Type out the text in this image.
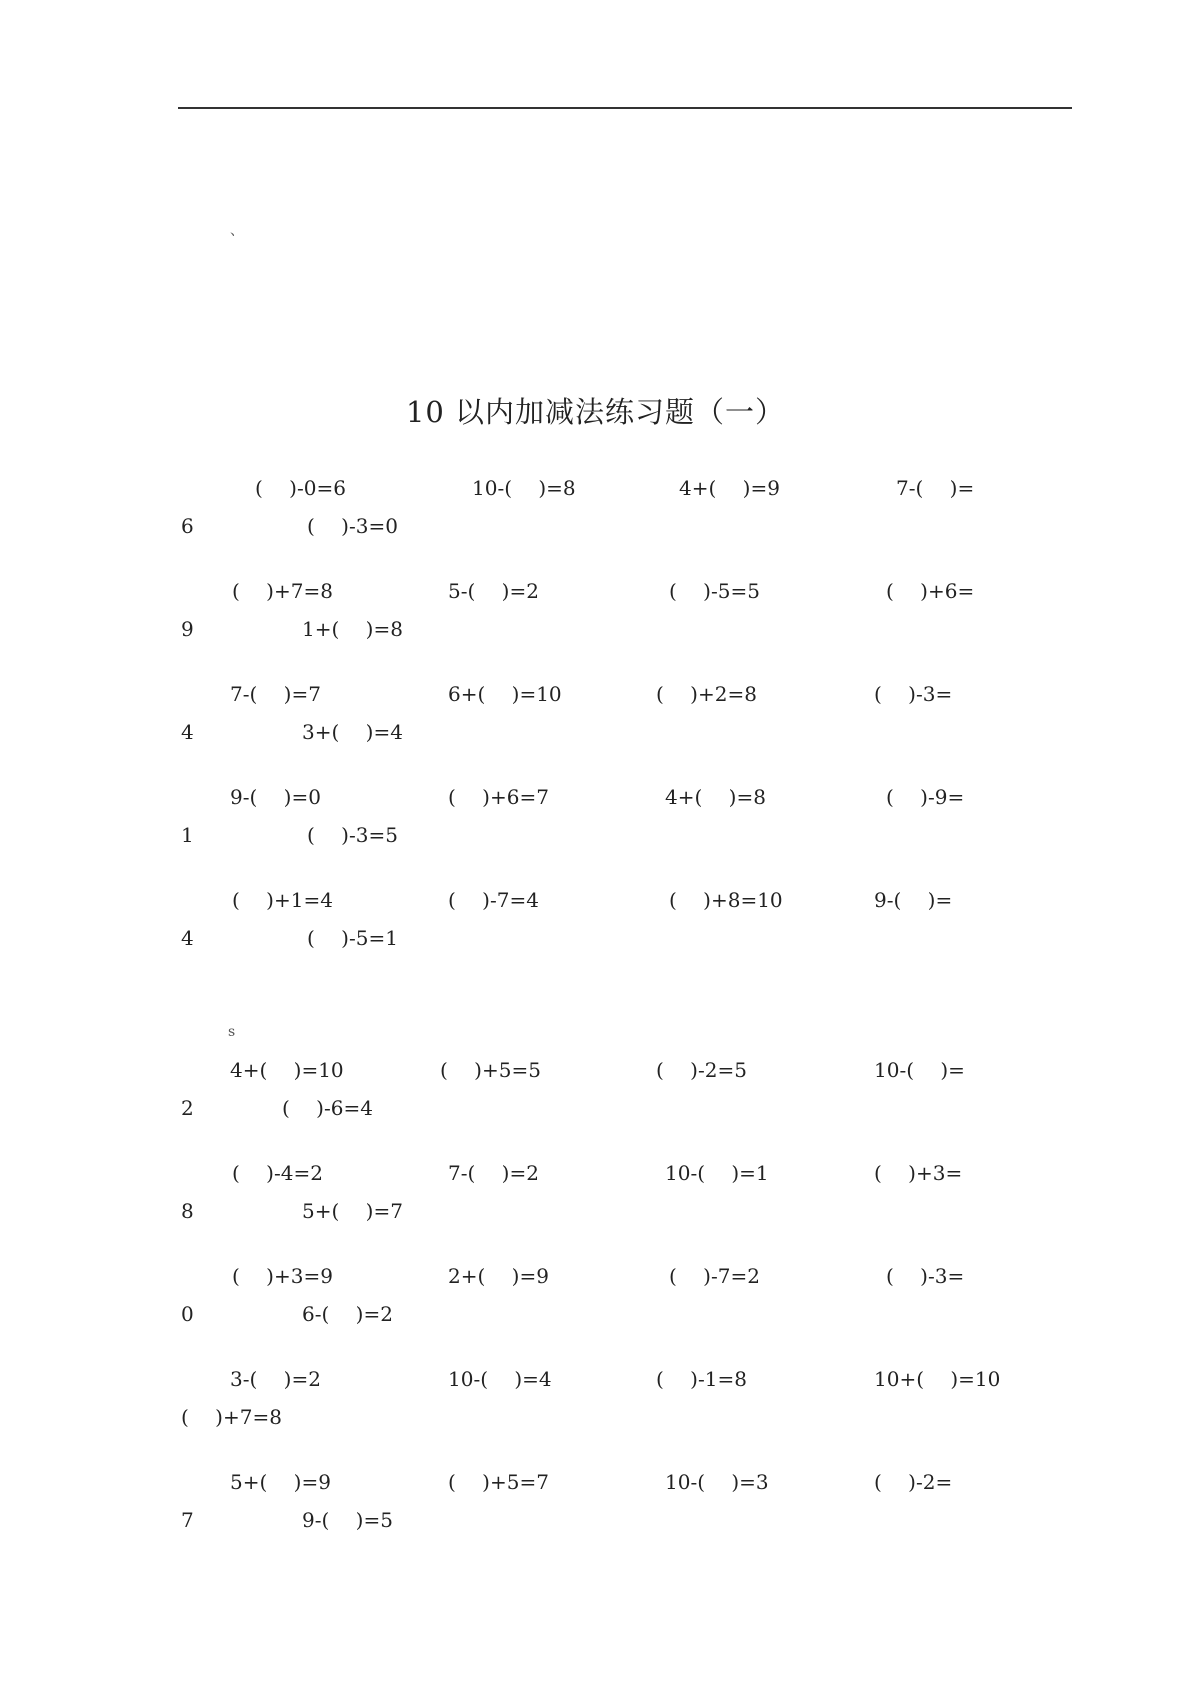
、
10 以内加减法练习题（一）
s
(　 )-0=6	10-(　 )=8	4+(　 )=9	7-(　 )=
6	(　 )-3=0
(　 )+7=8	5-(　 )=2	(　 )-5=5	(　 )+6=
9	1+(　 )=8
7-(　 )=7	6+(　 )=10	(　 )+2=8	(　 )-3=
4	3+(　 )=4
9-(　 )=0	(　 )+6=7	4+(　 )=8	(　 )-9=
1	(　 )-3=5
(　 )+1=4	(　 )-7=4	(　 )+8=10	9-(　 )=
4	(　 )-5=1
4+(　 )=10	(　 )+5=5	(　 )-2=5	10-(　 )=
2	(　 )-6=4
(　 )-4=2	7-(　 )=2	10-(　 )=1	(　 )+3=
8	5+(　 )=7
(　 )+3=9	2+(　 )=9	(　 )-7=2	(　 )-3=
0	6-(　 )=2
3-(　 )=2	10-(　 )=4	(　 )-1=8	10+(　 )=10
(　 )+7=8
5+(　 )=9	(　 )+5=7	10-(　 )=3	(　 )-2=
7	9-(　 )=5
